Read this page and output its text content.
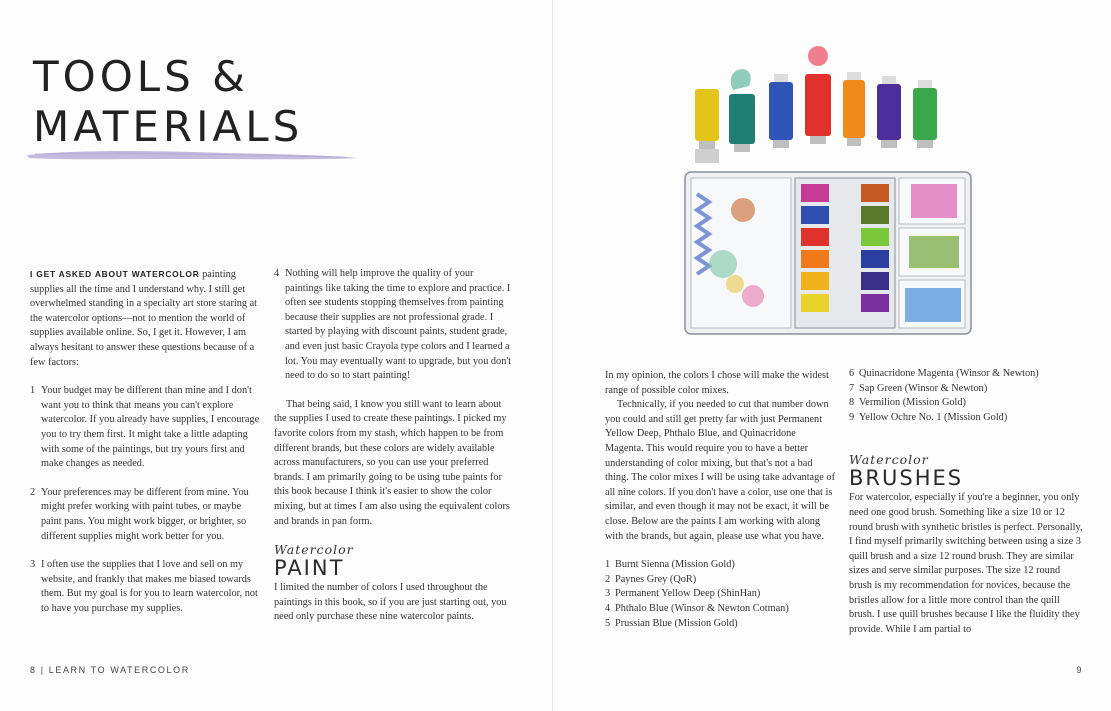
TOOLS &
MATERIALS

I GET ASKED ABOUT WATERCOLOR painting supplies all the time and I understand why. I still get overwhelmed standing in a specialty art store staring at the watercolor options—not to mention the world of supplies available online. So, I get it. However, I am always hesitant to answer these questions because of a few factors:

1 Your budget may be different than mine and I don't want you to think that means you can't explore watercolor. If you already have supplies, I encourage you to try them first. It might take a little adapting with some of the paintings, but try yours first and make changes as needed.
2 Your preferences may be different from mine. You might prefer working with paint tubes, or maybe paint pans. You might work bigger, or brighter, so different supplies might work better for you.
3 I often use the supplies that I love and sell on my website, and frankly that makes me biased towards them. But my goal is for you to learn watercolor, not to have you purchase my supplies.
4 Nothing will help improve the quality of your paintings like taking the time to explore and practice. I often see students stopping themselves from painting because their supplies are not professional grade. I started by playing with discount paints, student grade, and even just basic Crayola type colors and I learned a lot. You may eventually want to upgrade, but you don't need to do so to start painting!

That being said, I know you still want to learn about the supplies I used to create these paintings. I picked my favorite colors from my stash, which happen to be from different brands, but these colors are widely available across manufacturers, so you can use your preferred brands. I am primarily going to be using tube paints for this book because I think it's easier to show the color mixing, but at times I am also using the equivalent colors and brands in pan form.

Watercolor
PAINT

I limited the number of colors I used throughout the paintings in this book, so if you are just starting out, you need only purchase these nine watercolor paints.

8 | LEARN TO WATERCOLOR

In my opinion, the colors I chose will make the widest range of possible color mixes.

Technically, if you needed to cut that number down you could and still get pretty far with just Permanent Yellow Deep, Phthalo Blue, and Quinacridone Magenta. This would require you to have a better understanding of color mixing, but that's not a bad thing. The color mixes I will be using take advantage of all nine colors. If you don't have a color, use one that is similar, and even though it may not be exact, it will be close. Below are the paints I am working with along with the brands, but again, please use what you have.

1 Burnt Sienna (Mission Gold)
2 Paynes Grey (QoR)
3 Permanent Yellow Deep (ShinHan)
4 Phthalo Blue (Winsor & Newton Cotman)
5 Prussian Blue (Mission Gold)
6 Quinacridone Magenta (Winsor & Newton)
7 Sap Green (Winsor & Newton)
8 Vermilion (Mission Gold)
9 Yellow Ochre No. 1 (Mission Gold)
Watercolor
BRUSHES

For watercolor, especially if you're a beginner, you only need one good brush. Something like a size 10 or 12 round brush with synthetic bristles is perfect. Personally, I find myself primarily switching between using a size 3 quill brush and a size 12 round brush. They are similar sizes and serve similar purposes. The size 12 round brush is my recommendation for novices, because the bristles allow for a little more control than the quill brush. I use quill brushes because I like the fluidity they provide. While I am partial to

9
